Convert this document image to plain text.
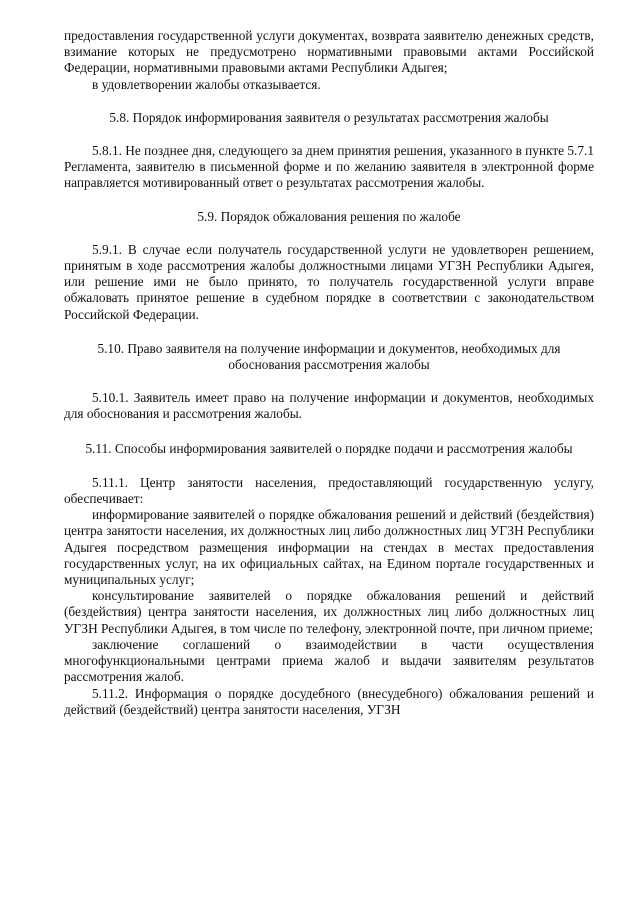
предоставления государственной услуги документах, возврата заявителю денежных средств, взимание которых не предусмотрено нормативными правовыми актами Российской Федерации, нормативными правовыми актами Республики Адыгея;

в удовлетворении жалобы отказывается.

5.8. Порядок информирования заявителя о результатах рассмотрения жалобы

5.8.1. Не позднее дня, следующего за днем принятия решения, указанного в пункте 5.7.1 Регламента, заявителю в письменной форме и по желанию заявителя в электронной форме направляется мотивированный ответ о результатах рассмотрения жалобы.

5.9. Порядок обжалования решения по жалобе

5.9.1. В случае если получатель государственной услуги не удовлетворен решением, принятым в ходе рассмотрения жалобы должностными лицами УГЗН Республики Адыгея, или решение ими не было принято, то получатель государственной услуги вправе обжаловать принятое решение в судебном порядке в соответствии с законодательством Российской Федерации.

5.10. Право заявителя на получение информации и документов, необходимых для обоснования рассмотрения жалобы

5.10.1. Заявитель имеет право на получение информации и документов, необходимых для обоснования и рассмотрения жалобы.

5.11. Способы информирования заявителей о порядке подачи и рассмотрения жалобы

5.11.1. Центр занятости населения, предоставляющий государственную услугу, обеспечивает:

информирование заявителей о порядке обжалования решений и действий (бездействия) центра занятости населения, их должностных лиц либо должностных лиц УГЗН Республики Адыгея посредством размещения информации на стендах в местах предоставления государственных услуг, на их официальных сайтах, на Едином портале государственных и муниципальных услуг;

консультирование заявителей о порядке обжалования решений и действий (бездействия) центра занятости населения, их должностных лиц либо должностных лиц УГЗН Республики Адыгея, в том числе по телефону, электронной почте, при личном приеме;

заключение соглашений о взаимодействии в части осуществления многофункциональными центрами приема жалоб и выдачи заявителям результатов рассмотрения жалоб.

5.11.2. Информация о порядке досудебного (внесудебного) обжалования решений и действий (бездействий) центра занятости населения, УГЗН
